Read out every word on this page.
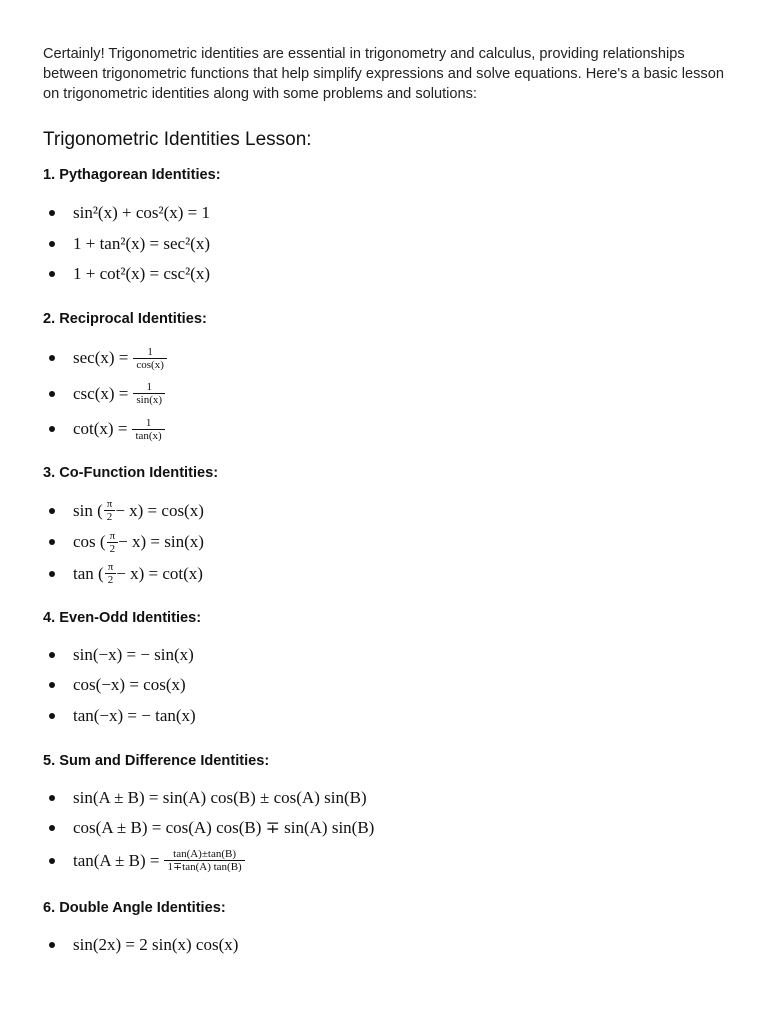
Certainly! Trigonometric identities are essential in trigonometry and calculus, providing relationships between trigonometric functions that help simplify expressions and solve equations. Here's a basic lesson on trigonometric identities along with some problems and solutions:

Trigonometric Identities Lesson:
1. Pythagorean Identities:
sin²(x) + cos²(x) = 1
1 + tan²(x) = sec²(x)
1 + cot²(x) = csc²(x)
2. Reciprocal Identities:
$\sec(x) = \frac{1}{\cos(x)}$
$\csc(x) = \frac{1}{\sin(x)}$
$\cot(x) = \frac{1}{\tan(x)}$
3. Co-Function Identities:
sin ( $\frac{\pi}{2} - x) = \cos(x)$
cos ( $\frac{\pi}{2} - x) = \sin(x)$
tan ( $\frac{\pi}{2} - x) = \cot(x)$
4. Even-Odd Identities:
sin(−x) = − sin(x)
cos(−x) = cos(x)
tan(−x) = − tan(x)
5. Sum and Difference Identities:
sin(A ± B) = sin(A) cos(B) ± cos(A) sin(B)
cos(A ± B) = cos(A) cos(B) ∓ sin(A) sin(B)
$\tan(A \pm B) = \frac{\tan(A)\pm\tan(B)}{1\mp\tan(A) \tan(B)}$
6. Double Angle Identities:
sin(2x) = 2 sin(x) cos(x)
